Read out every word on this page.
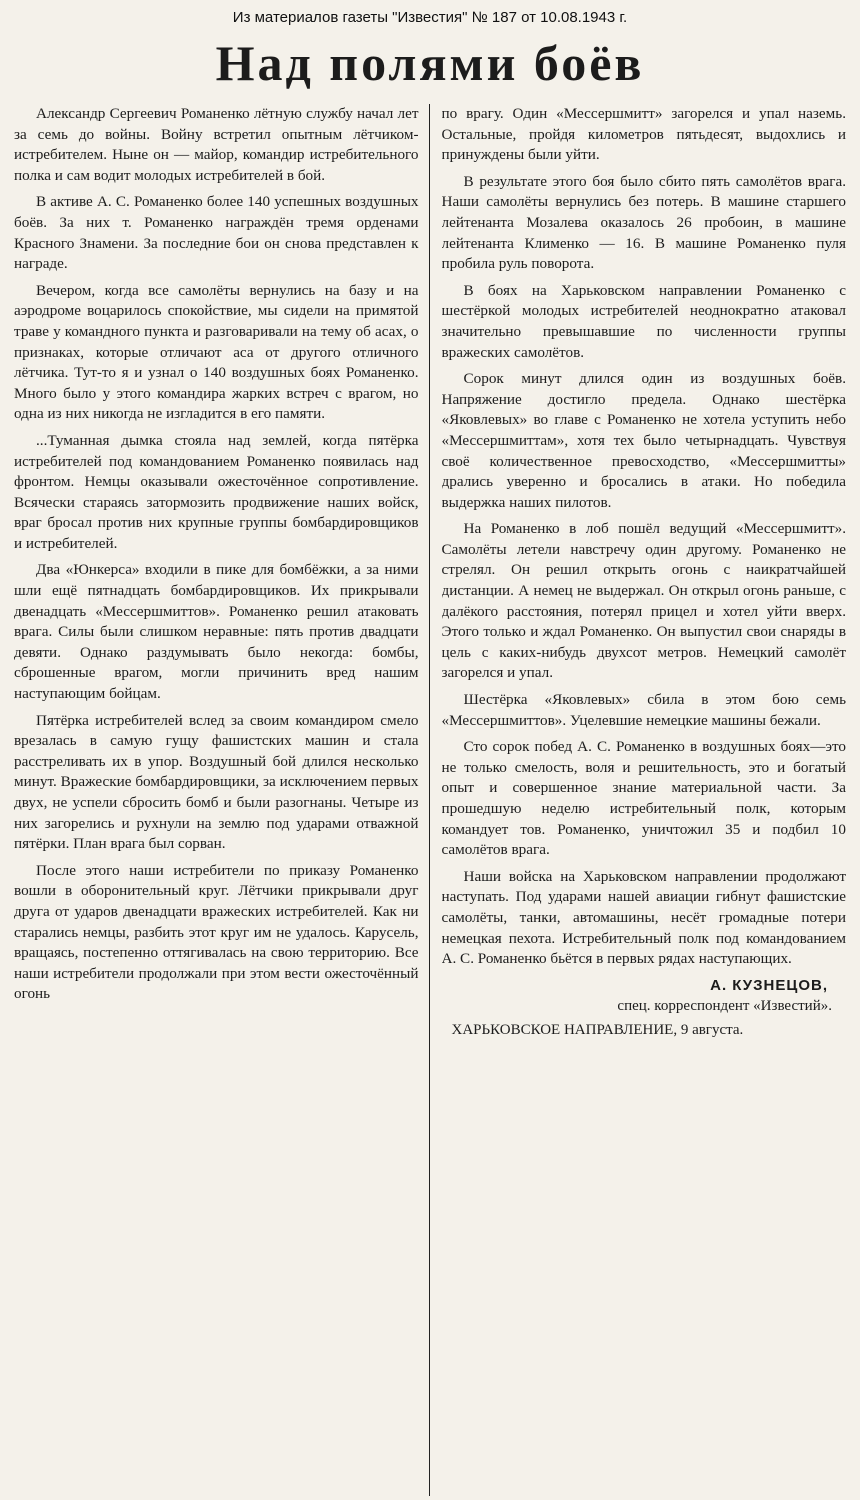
Из материалов газеты "Известия" № 187 от 10.08.1943 г.
Над полями боёв

Александр Сергеевич Романенко лётную службу начал лет за семь до войны. Войну встретил опытным лётчиком-истребителем. Ныне он — майор, командир истребительного полка и сам водит молодых истребителей в бой.

В активе А. С. Романенко более 140 успешных воздушных боёв. За них т. Романенко награждён тремя орденами Красного Знамени. За последние бои он снова представлен к награде.

Вечером, когда все самолёты вернулись на базу и на аэродроме воцарилось спокойствие, мы сидели на примятой траве у командного пункта и разговаривали на тему об асах, о признаках, которые отличают аса от другого отличного лётчика. Тут-то я и узнал о 140 воздушных боях Романенко. Много было у этого командира жарких встреч с врагом, но одна из них никогда не изгладится в его памяти.

...Туманная дымка стояла над землей, когда пятёрка истребителей под командованием Романенко появилась над фронтом. Немцы оказывали ожесточённое сопротивление. Всячески стараясь затормозить продвижение наших войск, враг бросал против них крупные группы бомбардировщиков и истребителей.

Два «Юнкерса» входили в пике для бомбёжки, а за ними шли ещё пятнадцать бомбардировщиков. Их прикрывали двенадцать «Мессершмиттов». Романенко решил атаковать врага. Силы были слишком неравные: пять против двадцати девяти. Однако раздумывать было некогда: бомбы, сброшенные врагом, могли причинить вред нашим наступающим бойцам.

Пятёрка истребителей вслед за своим командиром смело врезалась в самую гущу фашистских машин и стала расстреливать их в упор. Воздушный бой длился несколько минут. Вражеские бомбардировщики, за исключением первых двух, не успели сбросить бомб и были разогнаны. Четыре из них загорелись и рухнули на землю под ударами отважной пятёрки. План врага был сорван.

После этого наши истребители по приказу Романенко вошли в оборонительный круг. Лётчики прикрывали друг друга от ударов двенадцати вражеских истребителей. Как ни старались немцы, разбить этот круг им не удалось. Карусель, вращаясь, постепенно оттягивалась на свою территорию. Все наши истребители продолжали при этом вести ожесточённый огонь

по врагу. Один «Мессершмитт» загорелся и упал наземь. Остальные, пройдя километров пятьдесят, выдохлись и принуждены были уйти.

В результате этого боя было сбито пять самолётов врага. Наши самолёты вернулись без потерь. В машине старшего лейтенанта Мозалева оказалось 26 пробоин, в машине лейтенанта Клименко — 16. В машине Романенко пуля пробила руль поворота.

В боях на Харьковском направлении Романенко с шестёркой молодых истребителей неоднократно атаковал значительно превышавшие по численности группы вражеских самолётов.

Сорок минут длился один из воздушных боёв. Напряжение достигло предела. Однако шестёрка «Яковлевых» во главе с Романенко не хотела уступить небо «Мессершмиттам», хотя тех было четырнадцать. Чувствуя своё количественное превосходство, «Мессершмитты» дрались уверенно и бросались в атаки. Но победила выдержка наших пилотов.

На Романенко в лоб пошёл ведущий «Мессершмитт». Самолёты летели навстречу один другому. Романенко не стрелял. Он решил открыть огонь с наикратчайшей дистанции. А немец не выдержал. Он открыл огонь раньше, с далёкого расстояния, потерял прицел и хотел уйти вверх. Этого только и ждал Романенко. Он выпустил свои снаряды в цель с каких-нибудь двухсот метров. Немецкий самолёт загорелся и упал.

Шестёрка «Яковлевых» сбила в этом бою семь «Мессершмиттов». Уцелевшие немецкие машины бежали.

Сто сорок побед А. С. Романенко в воздушных боях—это не только смелость, воля и решительность, это и богатый опыт и совершенное знание материальной части. За прошедшую неделю истребительный полк, которым командует тов. Романенко, уничтожил 35 и подбил 10 самолётов врага.

Наши войска на Харьковском направлении продолжают наступать. Под ударами нашей авиации гибнут фашистские самолёты, танки, автомашины, несёт громадные потери немецкая пехота. Истребительный полк под командованием А. С. Романенко бьётся в первых рядах наступающих.

А. КУЗНЕЦОВ,
спец. корреспондент «Известий».
ХАРЬКОВСКОЕ НАПРАВЛЕНИЕ, 9 августа.
